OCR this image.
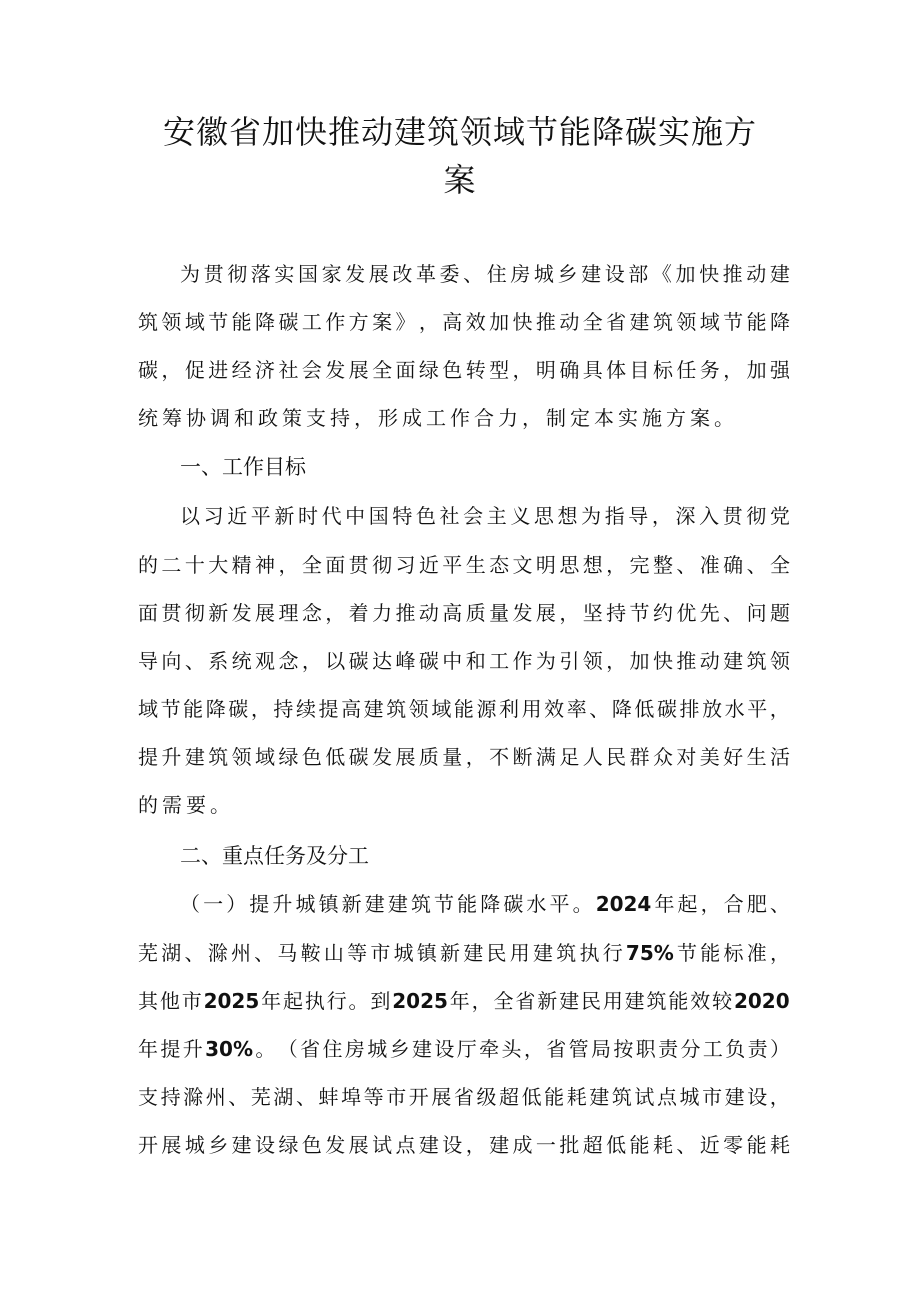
安徽省加快推动建筑领域节能降碳实施方
案
为 贯 彻 落 实 国 家 发 展 改 革 委 、 住 房 城 乡 建 设 部 《 加 快 推 动 建
筑 领 域 节 能 降 碳 工 作 方 案 》 ， 高 效 加 快 推 动 全 省 建 筑 领 域 节 能 降
碳 ， 促 进 经 济 社 会 发 展 全 面 绿 色 转 型 ， 明 确 具 体 目 标 任 务 ， 加 强
统 筹 协 调 和 政 策 支 持 ， 形 成 工 作 合 力 ， 制 定 本 实 施 方 案 。
一、工作目标
以 习 近 平 新 时 代 中 国 特 色 社 会 主 义 思 想 为 指 导 ， 深 入 贯 彻 党
的 二 十 大 精 神 ， 全 面 贯 彻 习 近 平 生 态 文 明 思 想 ， 完 整 、 准 确 、 全
面 贯 彻 新 发 展 理 念 ， 着 力 推 动 高 质 量 发 展 ， 坚 持 节 约 优 先 、 问 题
导 向 、 系 统 观 念 ， 以 碳 达 峰 碳 中 和 工 作 为 引 领 ， 加 快 推 动 建 筑 领
域 节 能 降 碳 ， 持 续 提 高 建 筑 领 域 能 源 利 用 效 率 、 降 低 碳 排 放 水 平 ，
提 升 建 筑 领 域 绿 色 低 碳 发 展 质 量 ， 不 断 满 足 人 民 群 众 对 美 好 生 活
的 需 要 。
二、重点任务及分工
（ 一 ） 提 升 城 镇 新 建 建 筑 节 能 降 碳 水 平 。 2024 年 起 ， 合 肥 、
芜 湖 、 滁 州 、 马 鞍 山 等 市 城 镇 新 建 民 用 建 筑 执 行 75% 节 能 标 准 ，
其 他 市 2025 年 起 执 行 。 到 2025 年 ， 全 省 新 建 民 用 建 筑 能 效 较 2020
年 提 升 30% 。 （ 省 住 房 城 乡 建 设 厅 牵 头 ， 省 管 局 按 职 责 分 工 负 责 ）
支 持 滁 州 、 芜 湖 、 蚌 埠 等 市 开 展 省 级 超 低 能 耗 建 筑 试 点 城 市 建 设 ，
开 展 城 乡 建 设 绿 色 发 展 试 点 建 设 ， 建 成 一 批 超 低 能 耗 、 近 零 能 耗
